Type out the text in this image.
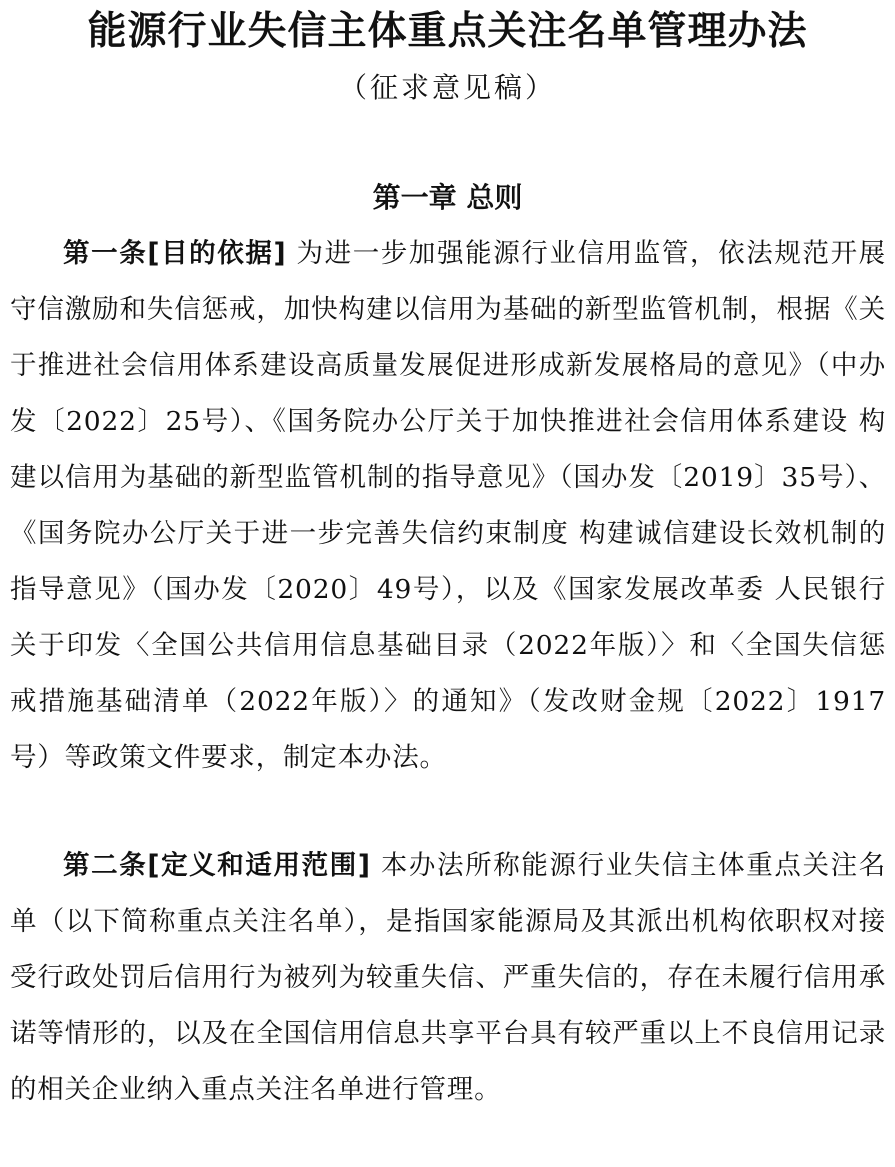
能源行业失信主体重点关注名单管理办法
（征求意见稿）
第一章 总则

第一条[目的依据] 为进一步加强能源行业信用监管，依法规范开展守信激励和失信惩戒，加快构建以信用为基础的新型监管机制，根据《关于推进社会信用体系建设高质量发展促进形成新发展格局的意见》（中办发〔2022〕25号）、《国务院办公厅关于加快推进社会信用体系建设 构建以信用为基础的新型监管机制的指导意见》（国办发〔2019〕35号）、《国务院办公厅关于进一步完善失信约束制度 构建诚信建设长效机制的指导意见》（国办发〔2020〕49号），以及《国家发展改革委 人民银行关于印发〈全国公共信用信息基础目录（2022年版）〉和〈全国失信惩戒措施基础清单（2022年版）〉的通知》（发改财金规〔2022〕1917号）等政策文件要求，制定本办法。

第二条[定义和适用范围] 本办法所称能源行业失信主体重点关注名单（以下简称重点关注名单），是指国家能源局及其派出机构依职权对接受行政处罚后信用行为被列为较重失信、严重失信的，存在未履行信用承诺等情形的，以及在全国信用信息共享平台具有较严重以上不良信用记录的相关企业纳入重点关注名单进行管理。
